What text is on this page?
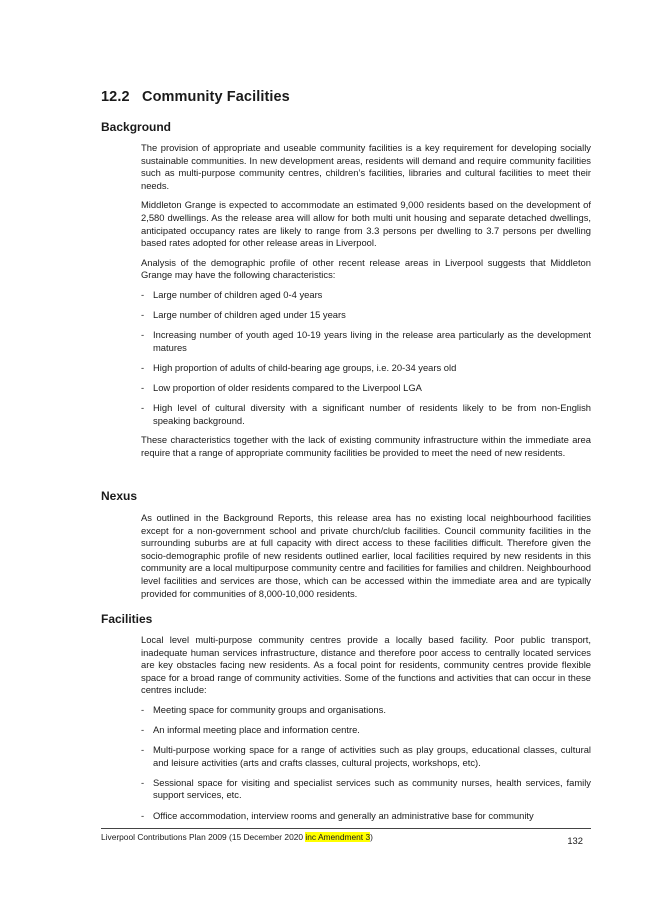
12.2 Community Facilities
Background

The provision of appropriate and useable community facilities is a key requirement for developing socially sustainable communities. In new development areas, residents will demand and require community facilities such as multi-purpose community centres, children’s facilities, libraries and cultural facilities to meet their needs.

Middleton Grange is expected to accommodate an estimated 9,000 residents based on the development of 2,580 dwellings. As the release area will allow for both multi unit housing and separate detached dwellings, anticipated occupancy rates are likely to range from 3.3 persons per dwelling to 3.7 persons per dwelling based rates adopted for other release areas in Liverpool.

Analysis of the demographic profile of other recent release areas in Liverpool suggests that Middleton Grange may have the following characteristics:

- Large number of children aged 0-4 years

- Large number of children aged under 15 years

- Increasing number of youth aged 10-19 years living in the release area particularly as the development matures

- High proportion of adults of child-bearing age groups, i.e. 20-34 years old

- Low proportion of older residents compared to the Liverpool LGA

- High level of cultural diversity with a significant number of residents likely to be from non-English speaking background.

These characteristics together with the lack of existing community infrastructure within the immediate area require that a range of appropriate community facilities be provided to meet the need of new residents.

Nexus

As outlined in the Background Reports, this release area has no existing local neighbourhood facilities except for a non-government school and private church/club facilities. Council community facilities in the surrounding suburbs are at full capacity with direct access to these facilities difficult. Therefore given the socio-demographic profile of new residents outlined earlier, local facilities required by new residents in this community are a local multipurpose community centre and facilities for families and children. Neighbourhood level facilities and services are those, which can be accessed within the immediate area and are typically provided for communities of 8,000-10,000 residents.

Facilities

Local level multi-purpose community centres provide a locally based facility. Poor public transport, inadequate human services infrastructure, distance and therefore poor access to centrally located services are key obstacles facing new residents. As a focal point for residents, community centres provide flexible space for a broad range of community activities. Some of the functions and activities that can occur in these centres include:

- Meeting space for community groups and organisations.

- An informal meeting place and information centre.

- Multi-purpose working space for a range of activities such as play groups, educational classes, cultural and leisure activities (arts and crafts classes, cultural projects, workshops, etc).

- Sessional space for visiting and specialist services such as community nurses, health services, family support services, etc.

- Office accommodation, interview rooms and generally an administrative base for community

Liverpool Contributions Plan 2009 (15 December 2020 inc Amendment 3)	132
